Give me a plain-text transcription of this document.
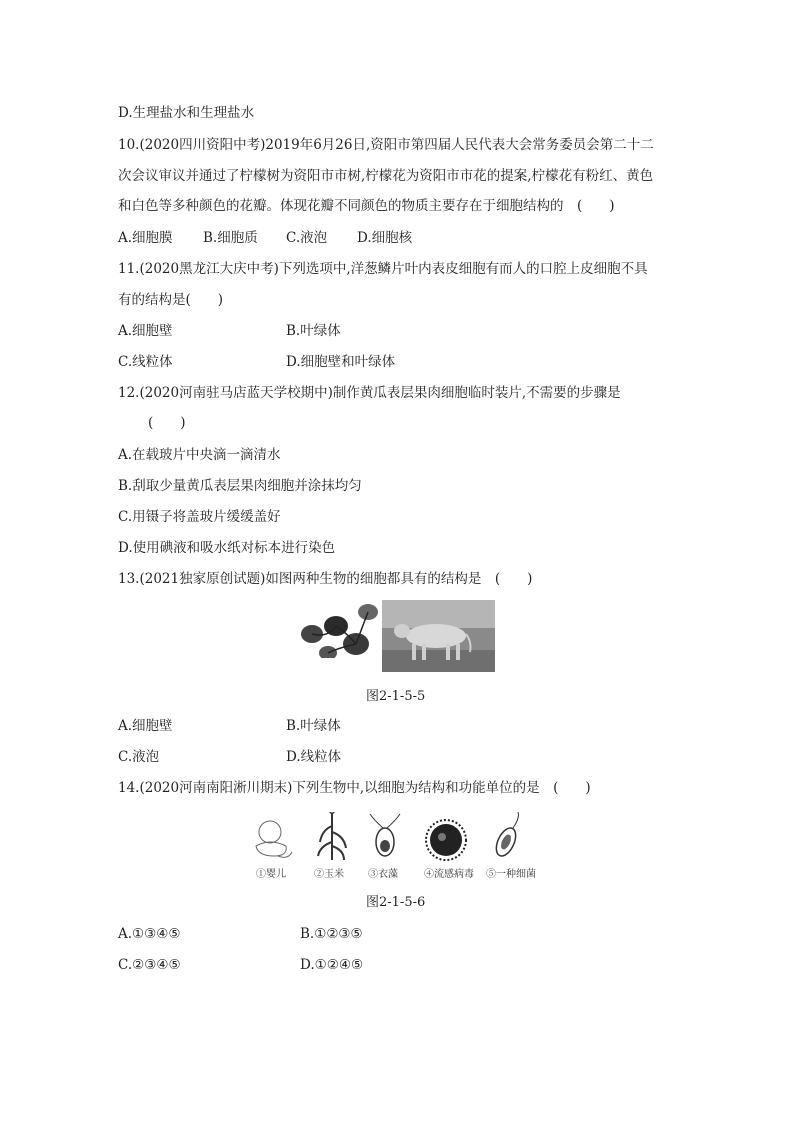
D.生理盐水和生理盐水
10.(2020四川资阳中考)2019年6月26日,资阳市第四届人民代表大会常务委员会第二十二
次会议审议并通过了柠檬树为资阳市市树,柠檬花为资阳市市花的提案,柠檬花有粉红、黄色
和白色等多种颜色的花瓣。体现花瓣不同颜色的物质主要存在于细胞结构的　(　　)
A.细胞膜 B.细胞质 C.液泡 D.细胞核
11.(2020黑龙江大庆中考)下列选项中,洋葱鳞片叶内表皮细胞有而人的口腔上皮细胞不具
有的结构是(　　)
A.细胞壁	B.叶绿体
C.线粒体	D.细胞壁和叶绿体
12.(2020河南驻马店蓝天学校期中)制作黄瓜表层果肉细胞临时装片,不需要的步骤是
(　　)
A.在载玻片中央滴一滴清水
B.刮取少量黄瓜表层果肉细胞并涂抹均匀
C.用镊子将盖玻片缓缓盖好
D.使用碘液和吸水纸对标本进行染色
13.(2021独家原创试题)如图两种生物的细胞都具有的结构是　(　　)
图2-1-5-5
A.细胞壁	B.叶绿体
C.液泡	D.线粒体
14.(2020河南南阳淅川期末)下列生物中,以细胞为结构和功能单位的是　(　　)
①婴儿	②玉米 ③衣藻	④流感病毒 ⑤一种细菌
图2-1-5-6
A.①③④⑤	B.①②③⑤
C.②③④⑤	D.①②④⑤
